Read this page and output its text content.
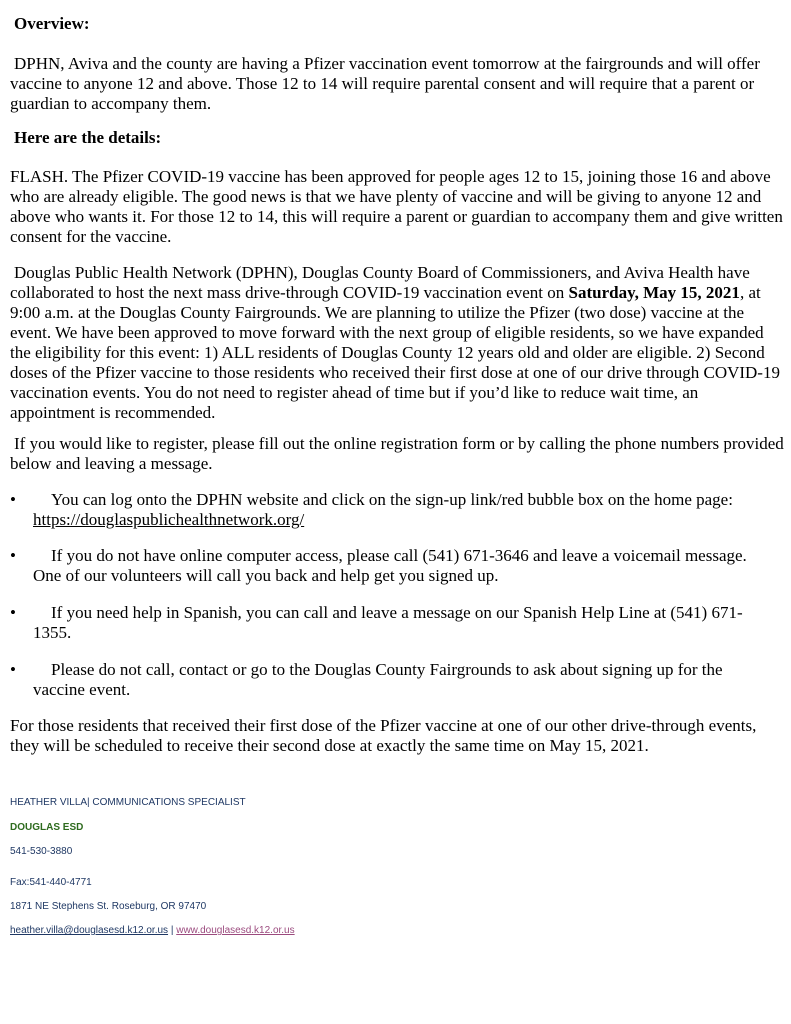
Overview:

DPHN, Aviva and the county are having a Pfizer vaccination event tomorrow at the fairgrounds and will offer vaccine to anyone 12 and above. Those 12 to 14 will require parental consent and will require that a parent or guardian to accompany them.

Here are the details:

FLASH. The Pfizer COVID-19 vaccine has been approved for people ages 12 to 15, joining those 16 and above who are already eligible. The good news is that we have plenty of vaccine and will be giving to anyone 12 and above who wants it. For those 12 to 14, this will require a parent or guardian to accompany them and give written consent for the vaccine.

Douglas Public Health Network (DPHN), Douglas County Board of Commissioners, and Aviva Health have collaborated to host the next mass drive-through COVID-19 vaccination event on Saturday, May 15, 2021, at 9:00 a.m. at the Douglas County Fairgrounds. We are planning to utilize the Pfizer (two dose) vaccine at the event. We have been approved to move forward with the next group of eligible residents, so we have expanded the eligibility for this event: 1) ALL residents of Douglas County 12 years old and older are eligible. 2) Second doses of the Pfizer vaccine to those residents who received their first dose at one of our drive through COVID-19 vaccination events. You do not need to register ahead of time but if you’d like to reduce wait time, an appointment is recommended.

If you would like to register, please fill out the online registration form or by calling the phone numbers provided below and leaving a message.

•	You can log onto the DPHN website and click on the sign-up link/red bubble box on the home page: https://douglaspublichealthnetwork.org/
•	If you do not have online computer access, please call (541) 671-3646 and leave a voicemail message. One of our volunteers will call you back and help get you signed up.
•	If you need help in Spanish, you can call and leave a message on our Spanish Help Line at (541) 671-1355.
•	Please do not call, contact or go to the Douglas County Fairgrounds to ask about signing up for the vaccine event.

For those residents that received their first dose of the Pfizer vaccine at one of our other drive-through events, they will be scheduled to receive their second dose at exactly the same time on May 15, 2021.

HEATHER VILLA| COMMUNICATIONS SPECIALIST
DOUGLAS ESD
541-530-3880
Fax:541-440-4771
1871 NE Stephens St. Roseburg, OR 97470
heather.villa@douglasesd.k12.or.us | www.douglasesd.k12.or.us
